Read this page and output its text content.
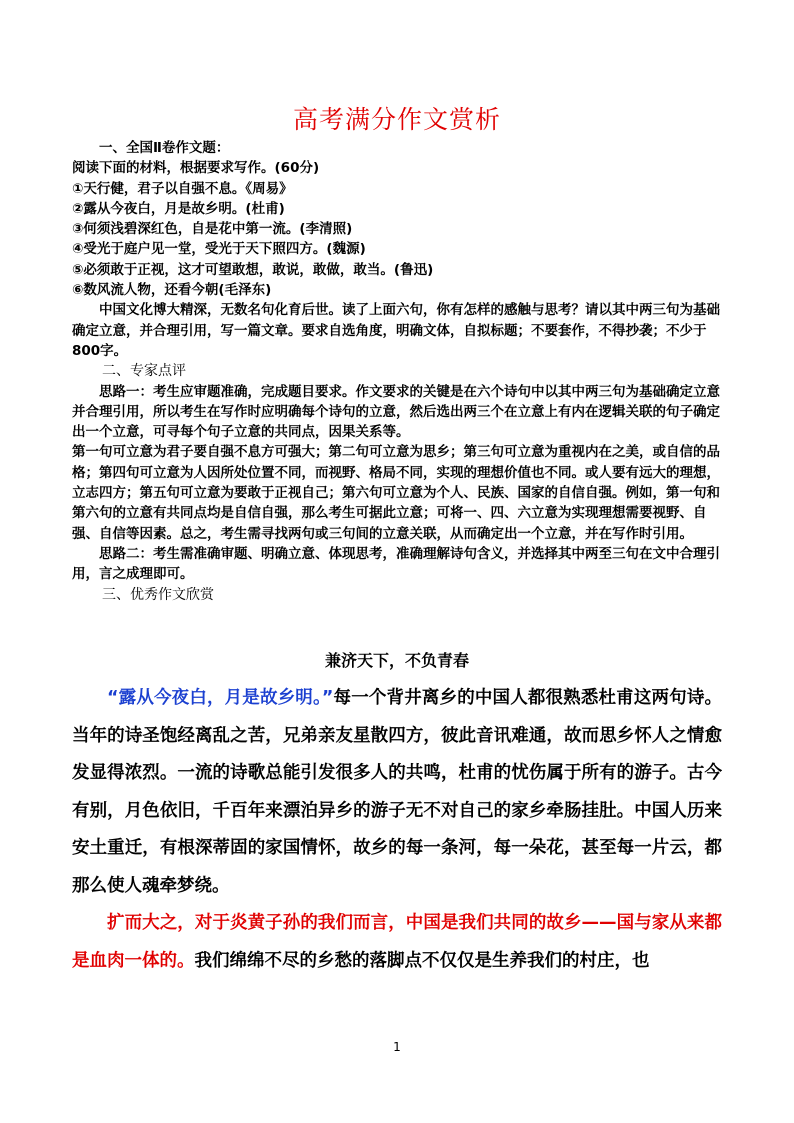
高考满分作文赏析

一、全国Ⅱ卷作文题：

阅读下面的材料，根据要求写作。(60分)

①天行健，君子以自强不息。《周易》

②露从今夜白，月是故乡明。(杜甫)

③何须浅碧深红色，自是花中第一流。(李清照)

④受光于庭户见一堂，受光于天下照四方。(魏源)

⑤必须敢于正视，这才可望敢想，敢说，敢做，敢当。(鲁迅)

⑥数风流人物，还看今朝(毛泽东)

中国文化博大精深，无数名句化育后世。读了上面六句，你有怎样的感触与思考？请以其中两三句为基础确定立意，并合理引用，写一篇文章。要求自选角度，明确文体，自拟标题；不要套作，不得抄袭；不少于800字。

二、专家点评

思路一：考生应审题准确，完成题目要求。作文要求的关键是在六个诗句中以其中两三句为基础确定立意并合理引用，所以考生在写作时应明确每个诗句的立意，然后选出两三个在立意上有内在逻辑关联的句子确定出一个立意，可寻每个句子立意的共同点，因果关系等。

第一句可立意为君子要自强不息方可强大；第二句可立意为思乡；第三句可立意为重视内在之美，或自信的品格；第四句可立意为人因所处位置不同，而视野、格局不同，实现的理想价值也不同。或人要有远大的理想，立志四方；第五句可立意为要敢于正视自己；第六句可立意为个人、民族、国家的自信自强。例如，第一句和第六句的立意有共同点均是自信自强，那么考生可据此立意；可将一、四、六立意为实现理想需要视野、自强、自信等因素。总之，考生需寻找两句或三句间的立意关联，从而确定出一个立意，并在写作时引用。

思路二：考生需准确审题、明确立意、体现思考，准确理解诗句含义，并选择其中两至三句在文中合理引用，言之成理即可。

三、优秀作文欣赏

兼济天下，不负青春

“露从今夜白，月是故乡明。”每一个背井离乡的中国人都很熟悉杜甫这两句诗。当年的诗圣饱经离乱之苦，兄弟亲友星散四方，彼此音讯难通，故而思乡怀人之情愈发显得浓烈。一流的诗歌总能引发很多人的共鸣，杜甫的忧伤属于所有的游子。古今有别，月色依旧，千百年来漂泊异乡的游子无不对自己的家乡牵肠挂肚。中国人历来安土重迁，有根深蒂固的家国情怀，故乡的每一条河，每一朵花，甚至每一片云，都那么使人魂牵梦绕。

扩而大之，对于炎黄子孙的我们而言，中国是我们共同的故乡——国与家从来都是血肉一体的。我们绵绵不尽的乡愁的落脚点不仅仅是生养我们的村庄，也

1
